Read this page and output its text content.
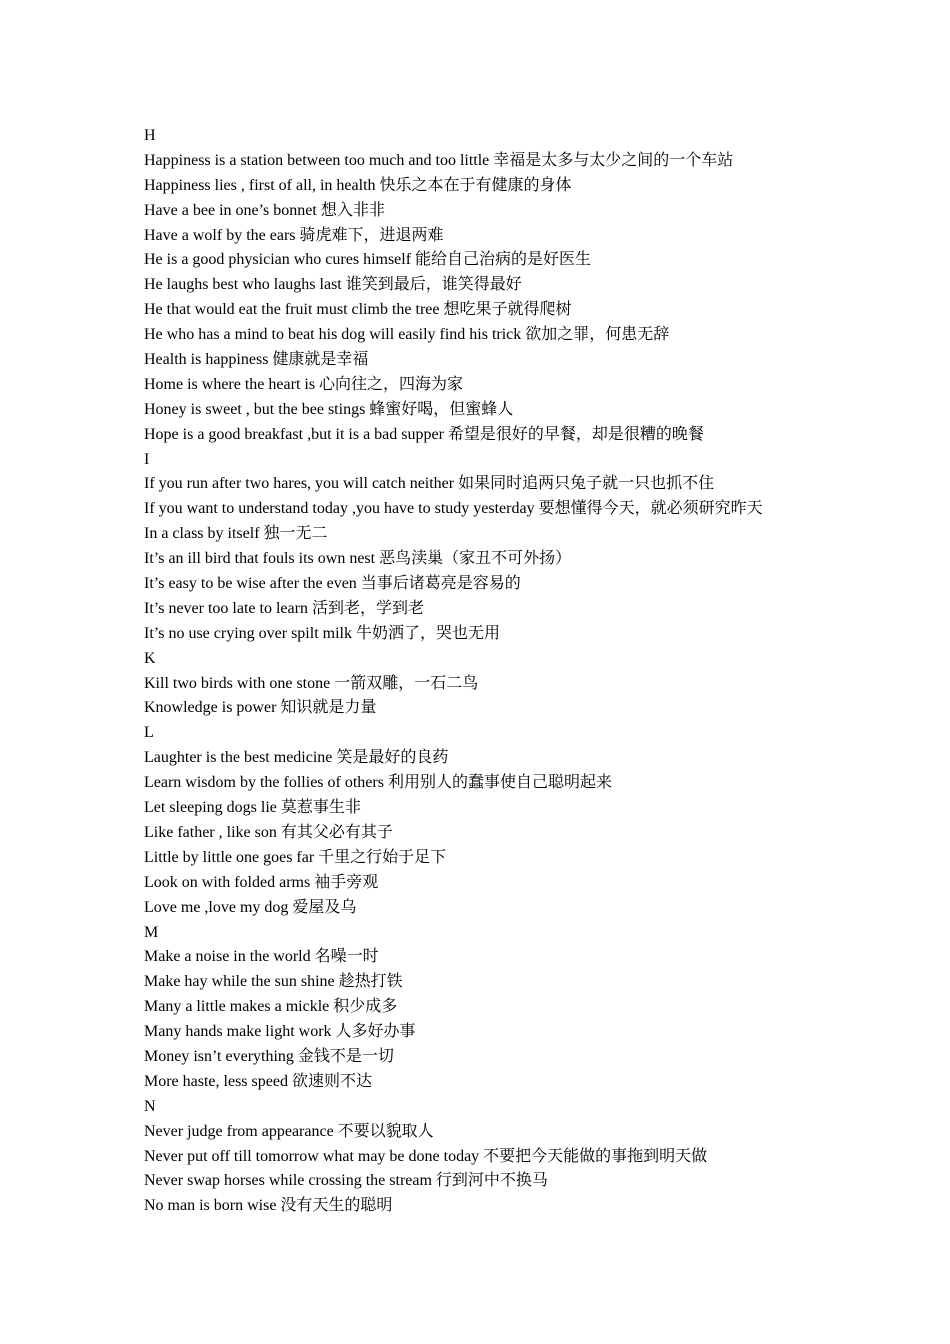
H
Happiness is a station between too much and too little 幸福是太多与太少之间的一个车站
Happiness lies , first of all, in health 快乐之本在于有健康的身体
Have a bee in one’s bonnet 想入非非
Have a wolf by the ears 骑虎难下，进退两难
He is a good physician who cures himself 能给自己治病的是好医生
He laughs best who laughs last 谁笑到最后，谁笑得最好
He that would eat the fruit must climb the tree 想吃果子就得爬树
He who has a mind to beat his dog will easily find his trick 欲加之罪，何患无辞
Health is happiness 健康就是幸福
Home is where the heart is 心向往之，四海为家
Honey is sweet , but the bee stings 蜂蜜好喝，但蜜蜂人
Hope is a good breakfast ,but it is a bad supper 希望是很好的早餐，却是很糟的晚餐
I
If you run after two hares, you will catch neither 如果同时追两只兔子就一只也抓不住
If you want to understand today ,you have to study yesterday 要想懂得今天，就必须研究昨天
In a class by itself 独一无二
It’s an ill bird that fouls its own nest 恶鸟渎巢（家丑不可外扬）
It’s easy to be wise after the even 当事后诸葛亮是容易的
It’s never too late to learn 活到老，学到老
It’s no use crying over spilt milk 牛奶洒了，哭也无用
K
Kill two birds with one stone 一箭双雕，一石二鸟
Knowledge is power 知识就是力量
L
Laughter is the best medicine 笑是最好的良药
Learn wisdom by the follies of others 利用别人的蠢事使自己聪明起来
Let sleeping dogs lie 莫惹事生非
Like father , like son 有其父必有其子
Little by little one goes far 千里之行始于足下
Look on with folded arms 袖手旁观
Love me ,love my dog 爱屋及乌
M
Make a noise in the world 名噪一时
Make hay while the sun shine 趁热打铁
Many a little makes a mickle 积少成多
Many hands make light work 人多好办事
Money isn’t everything 金钱不是一切
More haste, less speed 欲速则不达
N
Never judge from appearance 不要以貌取人
Never put off till tomorrow what may be done today 不要把今天能做的事拖到明天做
Never swap horses while crossing the stream 行到河中不换马
No man is born wise 没有天生的聪明
